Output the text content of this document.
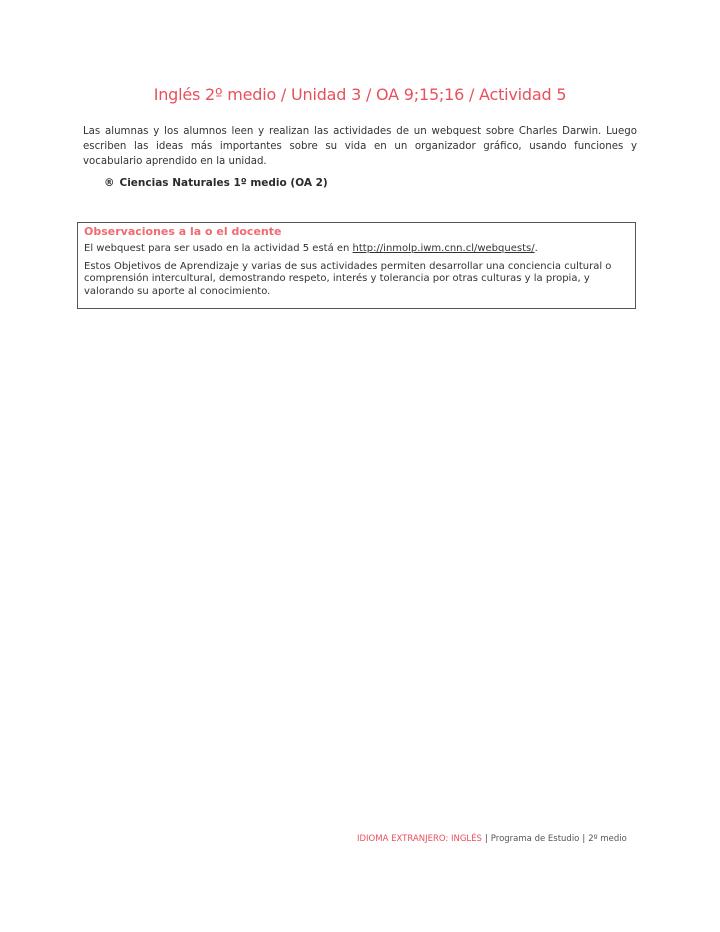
Inglés 2º medio / Unidad 3 / OA 9;15;16 / Actividad 5
Las alumnas y los alumnos leen y realizan las actividades de un webquest sobre Charles Darwin. Luego escriben las ideas más importantes sobre su vida en un organizador gráfico, usando funciones y vocabulario aprendido en la unidad.
® Ciencias Naturales 1º medio (OA 2)
Observaciones a la o el docente

El webquest para ser usado en la actividad 5 está en http://inmolp.iwm.cnn.cl/webquests/.

Estos Objetivos de Aprendizaje y varias de sus actividades permiten desarrollar una conciencia cultural o comprensión intercultural, demostrando respeto, interés y tolerancia por otras culturas y la propia, y valorando su aporte al conocimiento.

IDIOMA EXTRANJERO: INGLÉS | Programa de Estudio | 2º medio
